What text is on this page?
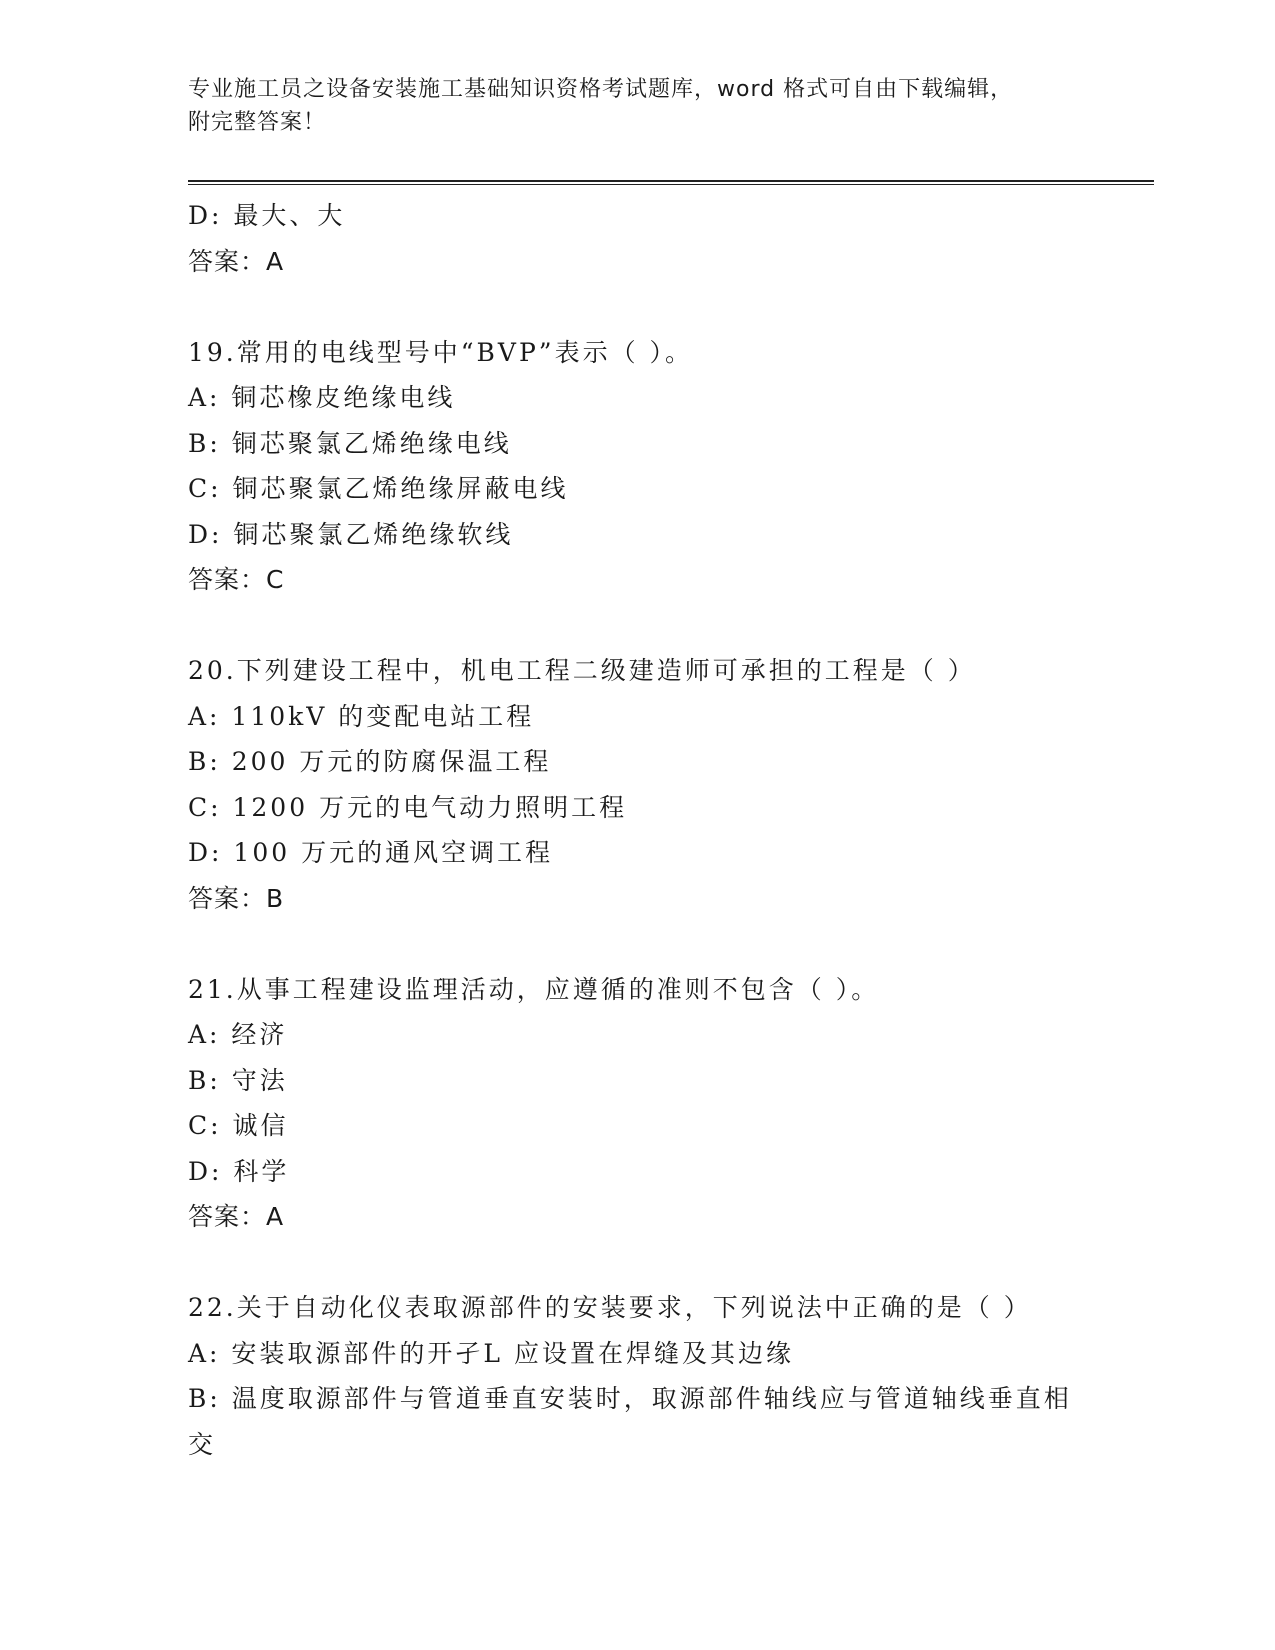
专业施工员之设备安装施工基础知识资格考试题库，word 格式可自由下载编辑，
附完整答案！
D: 最大、大
答案：A
19.常用的电线型号中“BVP”表示（ ）。
A: 铜芯橡皮绝缘电线
B: 铜芯聚氯乙烯绝缘电线
C: 铜芯聚氯乙烯绝缘屏蔽电线
D: 铜芯聚氯乙烯绝缘软线
答案：C
20.下列建设工程中，机电工程二级建造师可承担的工程是（ ）
A: 110kV 的变配电站工程
B: 200 万元的防腐保温工程
C: 1200 万元的电气动力照明工程
D: 100 万元的通风空调工程
答案：B
21.从事工程建设监理活动，应遵循的准则不包含（ ）。
A: 经济
B: 守法
C: 诚信
D: 科学
答案：A
22.关于自动化仪表取源部件的安装要求，下列说法中正确的是（ ）
A: 安装取源部件的开孑L 应设置在焊缝及其边缘
B: 温度取源部件与管道垂直安装时，取源部件轴线应与管道轴线垂直相交
